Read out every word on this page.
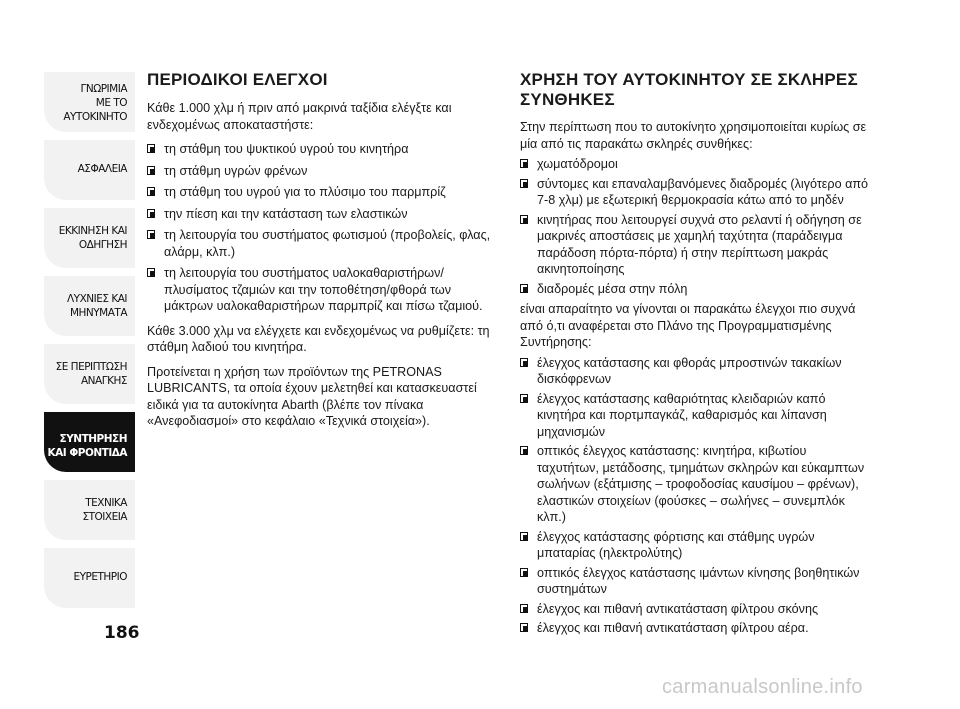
ΓΝΩΡΙΜΙΑ
ΜΕ ΤΟ
ΑΥΤΟΚΙΝΗΤΟ
ΑΣΦΑΛΕΙΑ
ΕΚΚΙΝΗΣΗ ΚΑΙ
ΟΔΗΓΗΣΗ
ΛΥΧΝΙΕΣ ΚΑΙ
ΜΗΝΥΜΑΤΑ
ΣΕ ΠΕΡΙΠΤΩΣΗ
ΑΝΑΓΚΗΣ
ΣΥΝΤΗΡΗΣΗ
ΚΑΙ ΦΡΟΝΤΙΔΑ
ΤΕΧΝΙΚΑ
ΣΤΟΙΧΕΙΑ
ΕΥΡΕΤΗΡΙΟ
186
ΠΕΡΙΟΔΙΚΟΙ ΕΛΕΓΧΟΙ

Κάθε 1.000 χλμ ή πριν από μακρινά ταξίδια ελέγξτε και ενδεχομένως αποκαταστήστε:

τη στάθμη του ψυκτικού υγρού του κινητήρα
τη στάθμη υγρών φρένων
τη στάθμη του υγρού για το πλύσιμο του παρμπρίζ
την πίεση και την κατάσταση των ελαστικών
τη λειτουργία του συστήματος φωτισμού (προβολείς, φλας, αλάρμ, κλπ.)
τη λειτουργία του συστήματος υαλοκαθαριστήρων/πλυσίματος τζαμιών και την τοποθέτηση/φθορά των μάκτρων υαλοκαθαριστήρων παρμπρίζ και πίσω τζαμιού.

Κάθε 3.000 χλμ να ελέγχετε και ενδεχομένως να ρυθμίζετε: τη στάθμη λαδιού του κινητήρα.

Προτείνεται η χρήση των προϊόντων της PETRONAS LUBRICANTS, τα οποία έχουν μελετηθεί και κατασκευαστεί ειδικά για τα αυτοκίνητα Abarth (βλέπε τον πίνακα «Ανεφοδιασμοί» στο κεφάλαιο «Τεχνικά στοιχεία»).

ΧΡΗΣΗ ΤΟΥ ΑΥΤΟΚΙΝΗΤΟΥ ΣΕ ΣΚΛΗΡΕΣ ΣΥΝΘΗΚΕΣ

Στην περίπτωση που το αυτοκίνητο χρησιμοποιείται κυρίως σε μία από τις παρακάτω σκληρές συνθήκες:

χωματόδρομοι
σύντομες και επαναλαμβανόμενες διαδρομές (λιγότερο από 7-8 χλμ) με εξωτερική θερμοκρασία κάτω από το μηδέν
κινητήρας που λειτουργεί συχνά στο ρελαντί ή οδήγηση σε μακρινές αποστάσεις με χαμηλή ταχύτητα (παράδειγμα παράδοση πόρτα-πόρτα) ή στην περίπτωση μακράς ακινητοποίησης
διαδρομές μέσα στην πόλη

είναι απαραίτητο να γίνονται οι παρακάτω έλεγχοι πιο συχνά από ό,τι αναφέρεται στο Πλάνο της Προγραμματισμένης Συντήρησης:

έλεγχος κατάστασης και φθοράς μπροστινών τακακίων δισκόφρενων
έλεγχος κατάστασης καθαριότητας κλειδαριών καπό κινητήρα και πορτμπαγκάζ, καθαρισμός και λίπανση μηχανισμών
οπτικός έλεγχος κατάστασης: κινητήρα, κιβωτίου ταχυτήτων, μετάδοσης, τμημάτων σκληρών και εύκαμπτων σωλήνων (εξάτμισης – τροφοδοσίας καυσίμου – φρένων), ελαστικών στοιχείων (φούσκες – σωλήνες – συνεμπλόκ κλπ.)
έλεγχος κατάστασης φόρτισης και στάθμης υγρών μπαταρίας (ηλεκτρολύτης)
οπτικός έλεγχος κατάστασης ιμάντων κίνησης βοηθητικών συστημάτων
έλεγχος και πιθανή αντικατάσταση φίλτρου σκόνης
έλεγχος και πιθανή αντικατάσταση φίλτρου αέρα.
carmanualsonline.info
